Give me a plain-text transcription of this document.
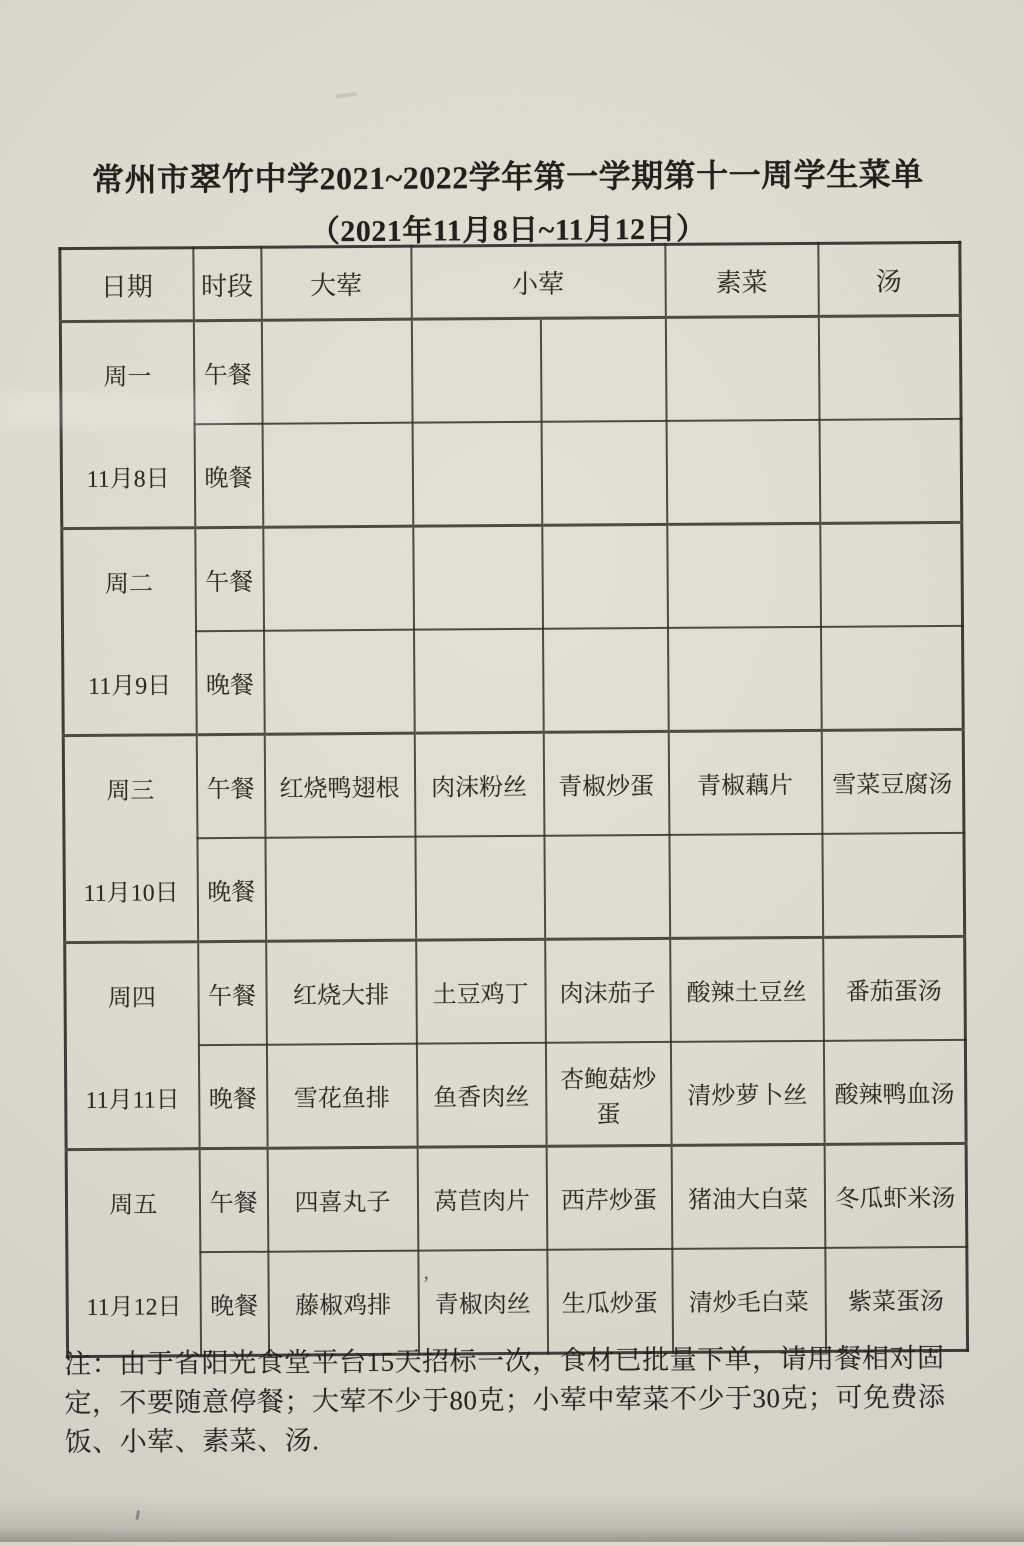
常州市翠竹中学2021~2022学年第一学期第十一周学生菜单
（2021年11月8日~11月12日）
日期	时段	大荤	小荤		素菜	汤

周一
11月8日	午餐					
	晚餐					

周二
11月9日	午餐					
	晚餐					

周三
11月10日	午餐	红烧鸭翅根	肉沫粉丝	青椒炒蛋	青椒藕片	雪菜豆腐汤
	晚餐					

周四
11月11日	午餐	红烧大排	土豆鸡丁	肉沫茄子	酸辣土豆丝	番茄蛋汤
	晚餐	雪花鱼排	鱼香肉丝	杏鲍菇炒蛋	清炒萝卜丝	酸辣鸭血汤

周五
11月12日	午餐	四喜丸子	莴苣肉片	西芹炒蛋	猪油大白菜	冬瓜虾米汤
	晚餐	藤椒鸡排	青椒肉丝	生瓜炒蛋	清炒毛白菜	紫菜蛋汤
注：由于省阳光食堂平台15天招标一次，食材已批量下单，请用餐相对固
定，不要随意停餐；大荤不少于80克；小荤中荤菜不少于30克；可免费添
饭、小荤、素菜、汤.
,
